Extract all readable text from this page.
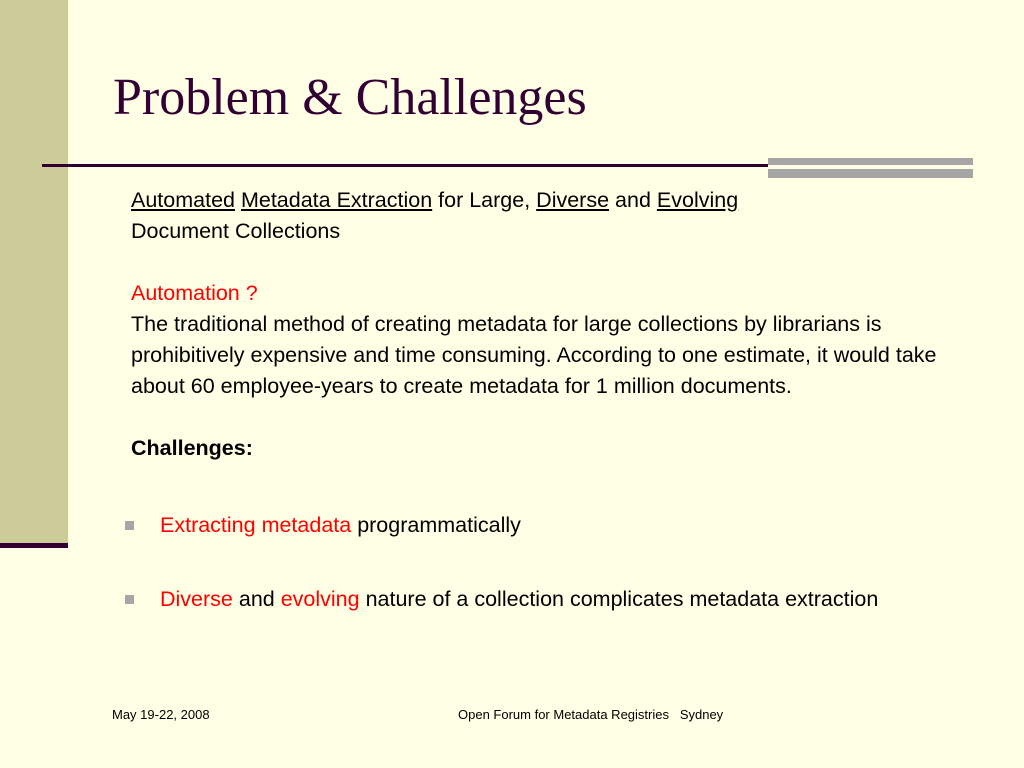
Problem & Challenges

Automated Metadata Extraction for Large, Diverse and Evolving

Document Collections

Automation ?

The traditional method of creating metadata for large collections by librarians is prohibitively expensive and time consuming. According to one estimate, it would take about 60 employee-years to create metadata for 1 million documents.

Challenges:

Extracting metadata programmatically
Diverse and evolving nature of a collection complicates metadata extraction
May 19-22, 2008	Open Forum for Metadata Registries   Sydney
